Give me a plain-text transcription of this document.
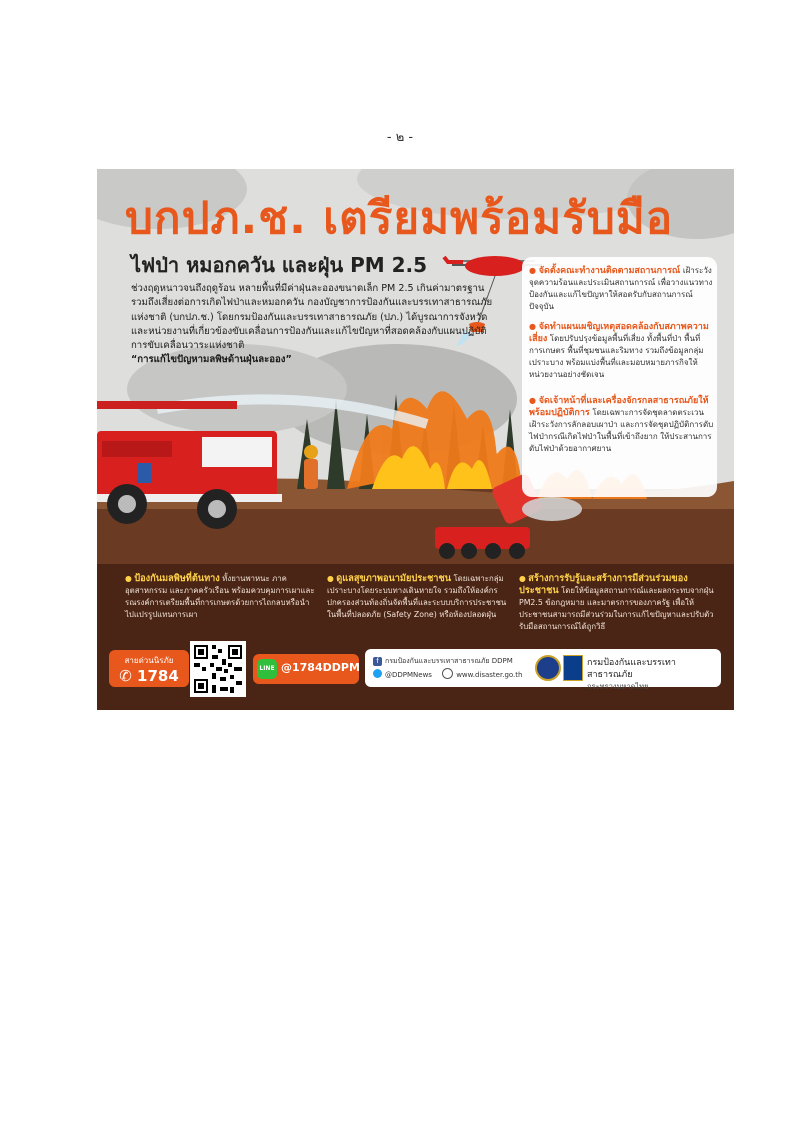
- ๒ -
บกปภ.ช. เตรียมพร้อมรับมือ
ไฟป่า หมอกควัน และฝุ่น PM 2.5
ช่วงฤดูหนาวจนถึงฤดูร้อน หลายพื้นที่มีค่าฝุ่นละอองขนาดเล็ก PM 2.5 เกินค่ามาตรฐาน รวมถึงเสี่ยงต่อการเกิดไฟป่าและหมอกควัน กองบัญชาการป้องกันและบรรเทาสาธารณภัยแห่งชาติ (บกปภ.ช.) โดยกรมป้องกันและบรรเทาสาธารณภัย (ปภ.) ได้บูรณาการจังหวัดและหน่วยงานที่เกี่ยวข้องขับเคลื่อนการป้องกันและแก้ไขปัญหาที่สอดคล้องกับแผนปฏิบัติการขับเคลื่อนวาระแห่งชาติ
“การแก้ไขปัญหามลพิษด้านฝุ่นละออง”
● จัดตั้งคณะทำงานติดตามสถานการณ์ เฝ้าระวังจุดความร้อนและประเมินสถานการณ์ เพื่อวางแนวทางป้องกันและแก้ไขปัญหาให้สอดรับกับสถานการณ์ปัจจุบัน
● จัดทำแผนเผชิญเหตุสอดคล้องกับสภาพความเสี่ยง โดยปรับปรุงข้อมูลพื้นที่เสี่ยง ทั้งพื้นที่ป่า พื้นที่การเกษตร พื้นที่ชุมชนและริมทาง รวมถึงข้อมูลกลุ่มเปราะบาง พร้อมแบ่งพื้นที่และมอบหมายภารกิจให้หน่วยงานอย่างชัดเจน
● จัดเจ้าหน้าที่และเครื่องจักรกลสาธารณภัยให้พร้อมปฏิบัติการ โดยเฉพาะการจัดชุดลาดตระเวนเฝ้าระวังการลักลอบเผาป่า และการจัดชุดปฏิบัติการดับไฟป่ากรณีเกิดไฟป่าในพื้นที่เข้าถึงยาก ให้ประสานการดับไฟป่าด้วยอากาศยาน
● ป้องกันมลพิษที่ต้นทาง ทั้งยานพาหนะ ภาคอุตสาหกรรม และภาคครัวเรือน พร้อมควบคุมการเผาและรณรงค์การเตรียมพื้นที่การเกษตรด้วยการไถกลบหรือนำไปแปรรูปแทนการเผา
● ดูแลสุขภาพอนามัยประชาชน โดยเฉพาะกลุ่มเปราะบางโดยระบบทางเดินหายใจ รวมถึงให้องค์กรปกครองส่วนท้องถิ่นจัดพื้นที่และระบบบริการประชาชนในพื้นที่ปลอดภัย (Safety Zone) หรือห้องปลอดฝุ่น
● สร้างการรับรู้และสร้างการมีส่วนร่วมของประชาชน โดยให้ข้อมูลสถานการณ์และผลกระทบจากฝุ่น PM2.5 ข้อกฎหมาย และมาตรการของภาครัฐ เพื่อให้ประชาชนสามารถมีส่วนร่วมในการแก้ไขปัญหาและปรับตัวรับมือสถานการณ์ได้ถูกวิธี
สายด่วนนิรภัย
✆ 1784	LINE @1784DDPM	f กรมป้องกันและบรรเทาสาธารณภัย DDPM
@DDPMNews	www.disaster.go.th
กรมป้องกันและบรรเทาสาธารณภัย
กระทรวงมหาดไทย
